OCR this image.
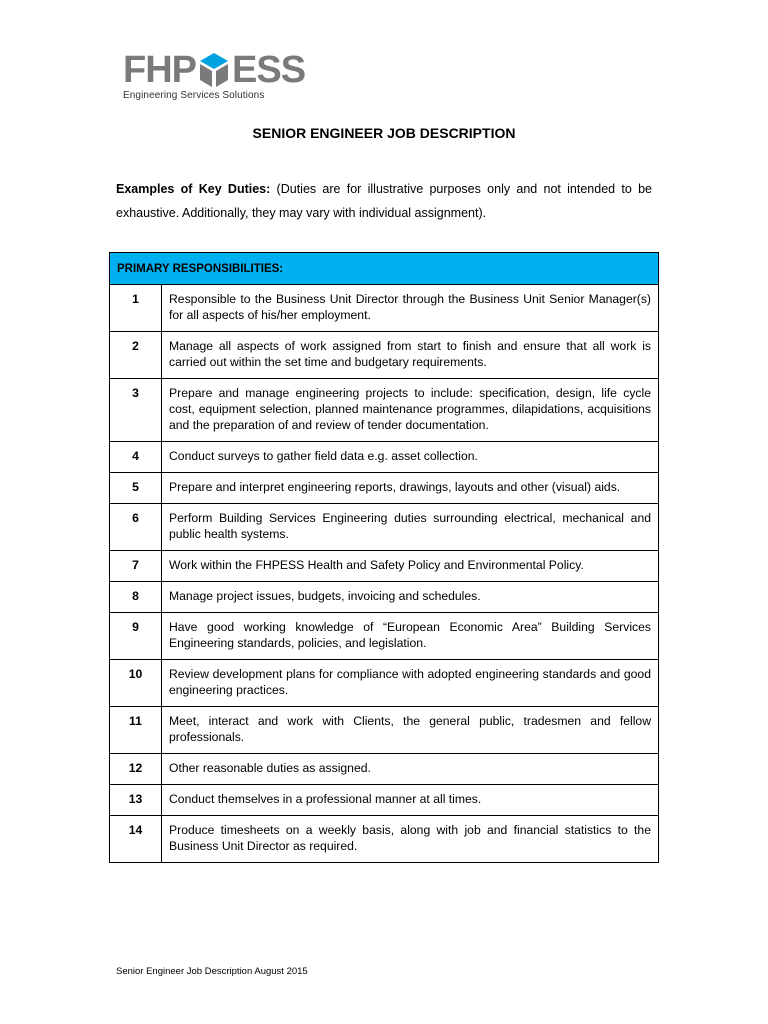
FHP ESS
Engineering Services Solutions
SENIOR ENGINEER JOB DESCRIPTION
Examples of Key Duties: (Duties are for illustrative purposes only and not intended to be exhaustive. Additionally, they may vary with individual assignment).
PRIMARY RESPONSIBILITIES:	
1	Responsible to the Business Unit Director through the Business Unit Senior Manager(s) for all aspects of his/her employment.
2	Manage all aspects of work assigned from start to finish and ensure that all work is carried out within the set time and budgetary requirements.
3	Prepare and manage engineering projects to include: specification, design, life cycle cost, equipment selection, planned maintenance programmes, dilapidations, acquisitions and the preparation of and review of tender documentation.
4	Conduct surveys to gather field data e.g. asset collection.
5	Prepare and interpret engineering reports, drawings, layouts and other (visual) aids.
6	Perform Building Services Engineering duties surrounding electrical, mechanical and public health systems.
7	Work within the FHPESS Health and Safety Policy and Environmental Policy.
8	Manage project issues, budgets, invoicing and schedules.
9	Have good working knowledge of “European Economic Area” Building Services Engineering standards, policies, and legislation.
10	Review development plans for compliance with adopted engineering standards and good engineering practices.
11	Meet, interact and work with Clients, the general public, tradesmen and fellow professionals.
12	Other reasonable duties as assigned.
13	Conduct themselves in a professional manner at all times.
14	Produce timesheets on a weekly basis, along with job and financial statistics to the Business Unit Director as required.
Senior Engineer Job Description August 2015
